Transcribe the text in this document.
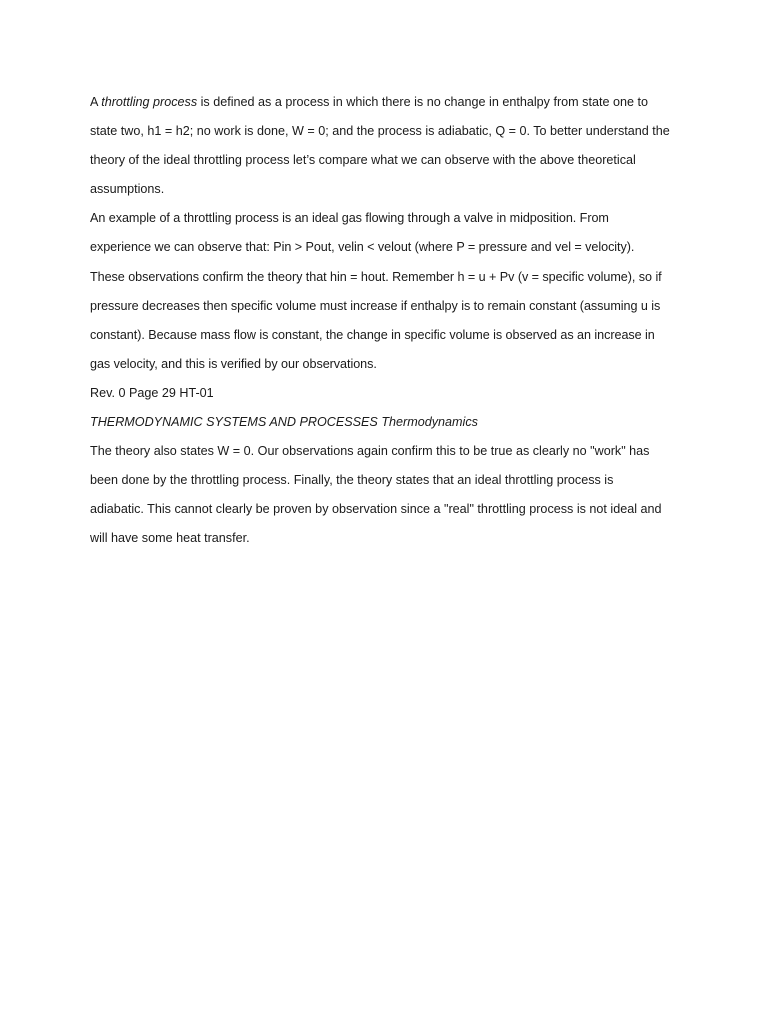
A throttling process is defined as a process in which there is no change in enthalpy from state one to state two, h1 = h2; no work is done, W = 0; and the process is adiabatic, Q = 0. To better understand the theory of the ideal throttling process let’s compare what we can observe with the above theoretical assumptions.

An example of a throttling process is an ideal gas flowing through a valve in midposition. From experience we can observe that: Pin > Pout, velin < velout (where P = pressure and vel = velocity). These observations confirm the theory that hin = hout. Remember h = u + Pv (v = specific volume), so if pressure decreases then specific volume must increase if enthalpy is to remain constant (assuming u is constant). Because mass flow is constant, the change in specific volume is observed as an increase in gas velocity, and this is verified by our observations.

Rev. 0 Page 29 HT-01

THERMODYNAMIC SYSTEMS AND PROCESSES Thermodynamics

The theory also states W = 0. Our observations again confirm this to be true as clearly no "work" has been done by the throttling process. Finally, the theory states that an ideal throttling process is adiabatic. This cannot clearly be proven by observation since a "real" throttling process is not ideal and will have some heat transfer.
